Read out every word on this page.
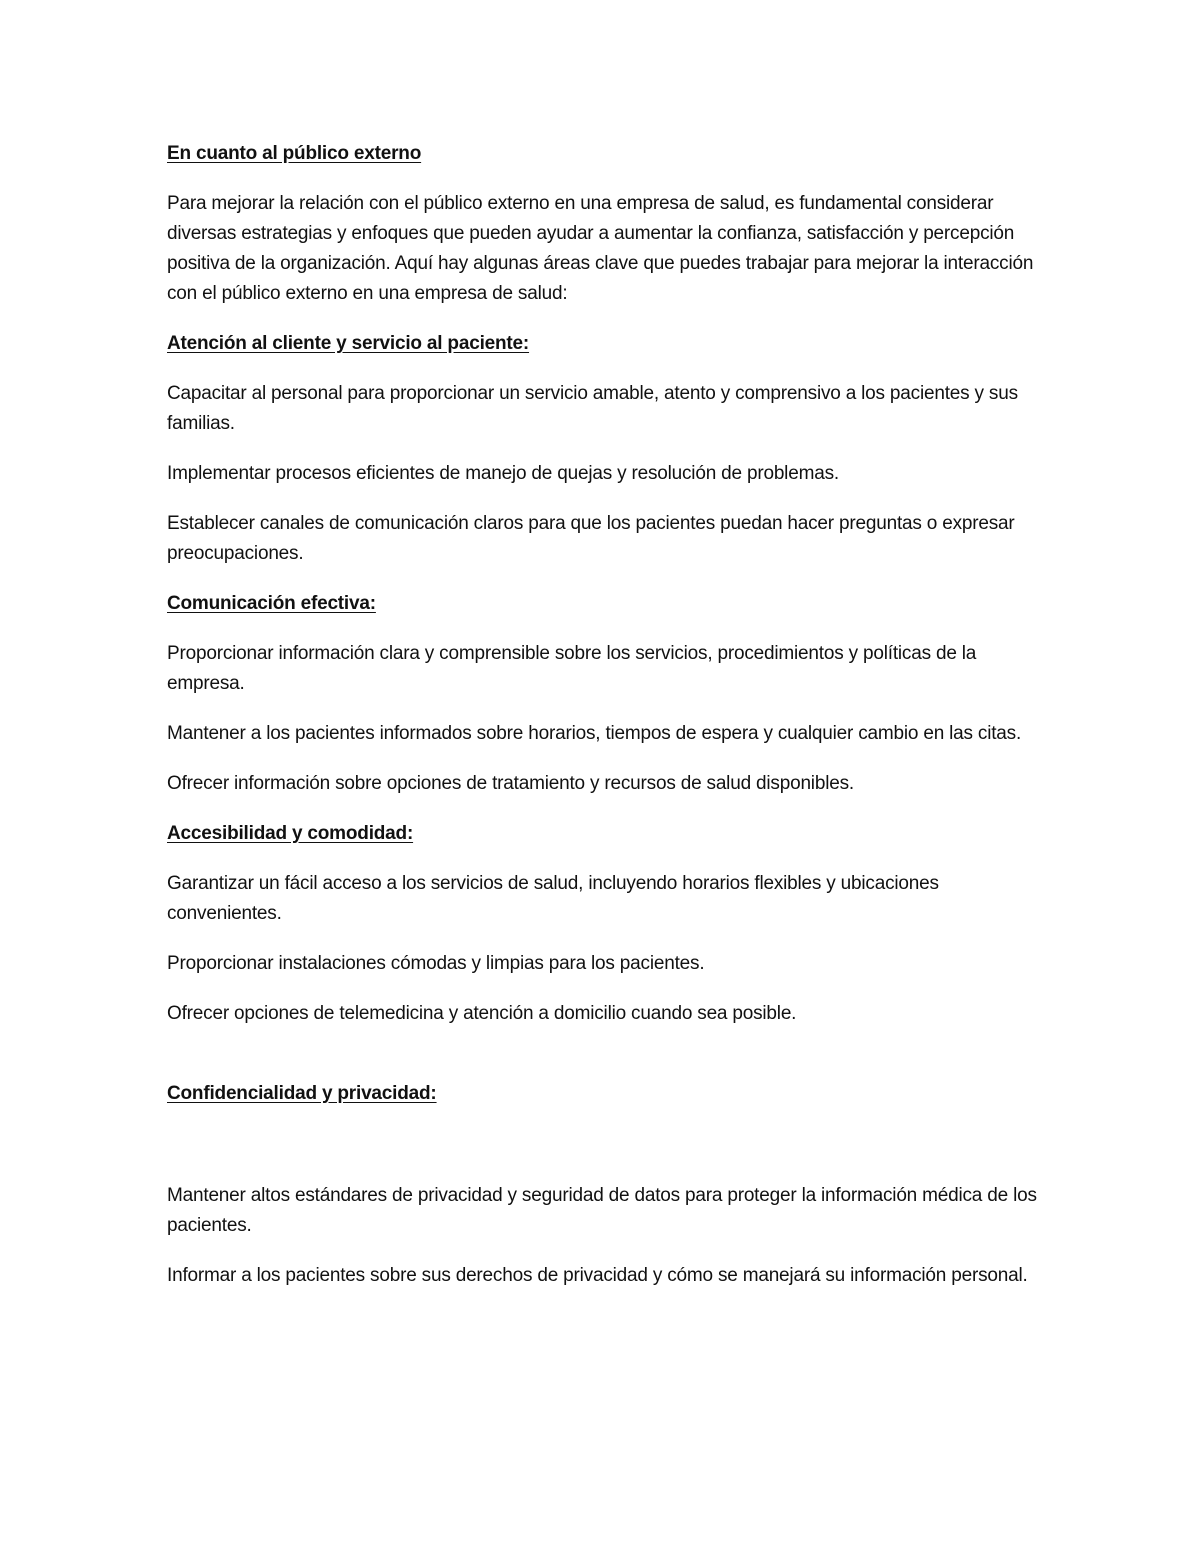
En cuanto al público externo
Para mejorar la relación con el público externo en una empresa de salud, es fundamental considerar diversas estrategias y enfoques que pueden ayudar a aumentar la confianza, satisfacción y percepción positiva de la organización. Aquí hay algunas áreas clave que puedes trabajar para mejorar la interacción con el público externo en una empresa de salud:
Atención al cliente y servicio al paciente:
Capacitar al personal para proporcionar un servicio amable, atento y comprensivo a los pacientes y sus familias.
Implementar procesos eficientes de manejo de quejas y resolución de problemas.
Establecer canales de comunicación claros para que los pacientes puedan hacer preguntas o expresar preocupaciones.
Comunicación efectiva:
Proporcionar información clara y comprensible sobre los servicios, procedimientos y políticas de la empresa.
Mantener a los pacientes informados sobre horarios, tiempos de espera y cualquier cambio en las citas.
Ofrecer información sobre opciones de tratamiento y recursos de salud disponibles.
Accesibilidad y comodidad:
Garantizar un fácil acceso a los servicios de salud, incluyendo horarios flexibles y ubicaciones convenientes.
Proporcionar instalaciones cómodas y limpias para los pacientes.
Ofrecer opciones de telemedicina y atención a domicilio cuando sea posible.
Confidencialidad y privacidad:
Mantener altos estándares de privacidad y seguridad de datos para proteger la información médica de los pacientes.
Informar a los pacientes sobre sus derechos de privacidad y cómo se manejará su información personal.
